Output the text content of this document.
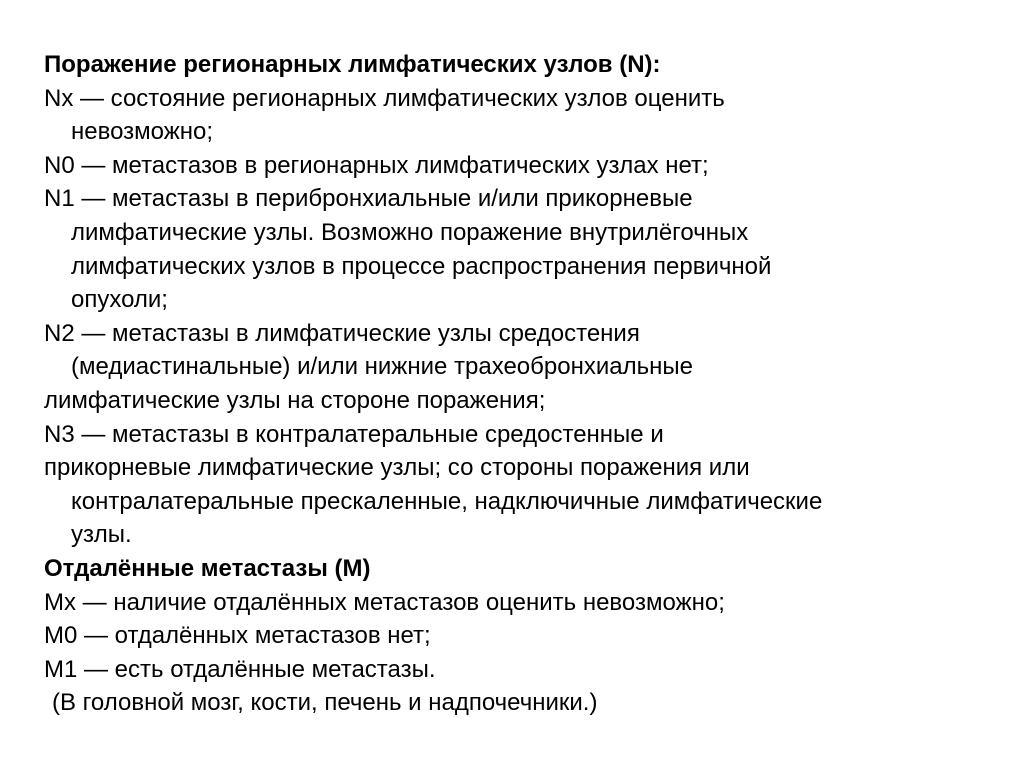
Поражение регионарных лимфатических узлов (N):

Nx — состояние регионарных лимфатических узлов оценить

невозможно;

N0 — метастазов в регионарных лимфатических узлах нет;

N1 — метастазы в перибронхиальные и/или прикорневые

лимфатические узлы. Возможно поражение внутрилёгочных

лимфатических узлов в процессе распространения первичной

опухоли;

N2 — метастазы в лимфатические узлы средостения

(медиастинальные) и/или нижние трахеобронхиальные

лимфатические узлы на стороне поражения;

N3 — метастазы в контралатеральные средостенные и

прикорневые лимфатические узлы; со стороны поражения или

контралатеральные прескаленные, надключичные лимфатические

узлы.

Отдалённые метастазы (M)

Mx — наличие отдалённых метастазов оценить невозможно;

M0 — отдалённых метастазов нет;

M1 — есть отдалённые метастазы.

(В головной мозг, кости, печень и надпочечники.)
